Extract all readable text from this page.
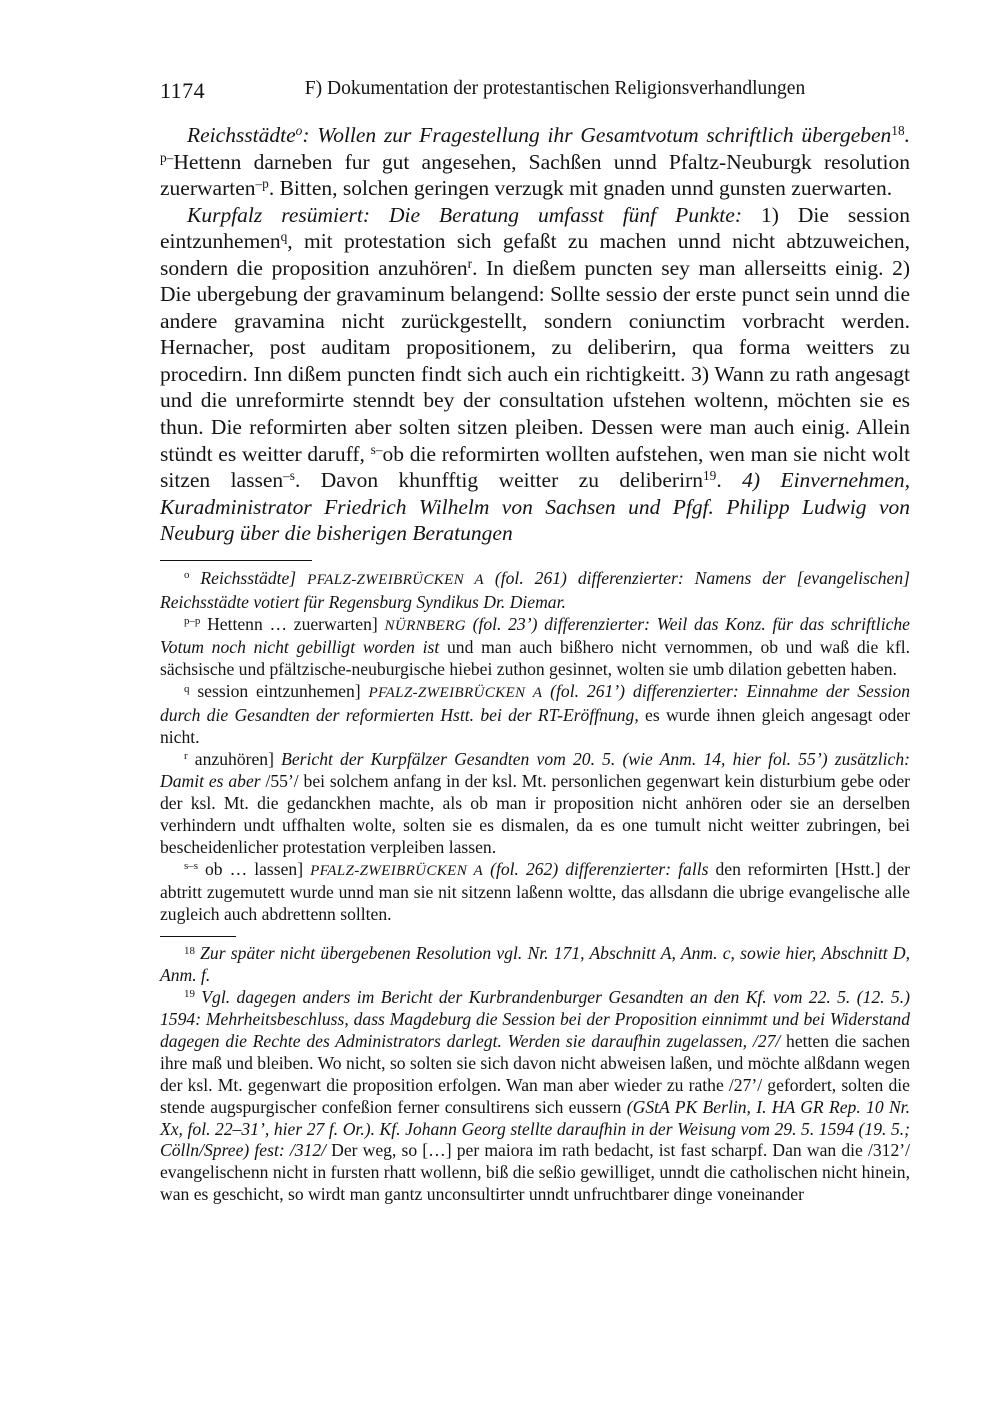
1174	F) Dokumentation der protestantischen Religionsverhandlungen

Reichsstädte$^o$: Wollen zur Fragestellung ihr Gesamtvotum schriftlich übergeben$^{18}$. $^{p-}$Hettenn darneben fur gut angesehen, Sachßen unnd Pfaltz-Neuburgk resolution zuerwarten$^{-p}$. Bitten, solchen geringen verzugk mit gnaden unnd gunsten zuerwarten.

Kurpfalz resümiert: Die Beratung umfasst fünf Punkte: 1) Die session eintzunhemen$^q$, mit protestation sich gefaßt zu machen unnd nicht abtzuweichen, sondern die proposition anzuhören$^r$. In dießem puncten sey man allerseitts einig. 2) Die ubergebung der gravaminum belangend: Sollte sessio der erste punct sein unnd die andere gravamina nicht zurückgestellt, sondern coniunctim vorbracht werden. Hernacher, post auditam propositionem, zu deliberirn, qua forma weitters zu procedirn. Inn dißem puncten findt sich auch ein richtigkeitt. 3) Wann zu rath angesagt und die unreformirte stenndt bey der consultation ufstehen woltenn, möchten sie es thun. Die reformirten aber solten sitzen pleiben. Dessen were man auch einig. Allein stündt es weitter daruff, $^{s-}$ob die reformirten wollten aufstehen, wen man sie nicht wolt sitzen lassen$^{-s}$. Davon khunfftig weitter zu deliberirn$^{19}$. 4) Einvernehmen, Kuradministrator Friedrich Wilhelm von Sachsen und Pfgf. Philipp Ludwig von Neuburg über die bisherigen Beratungen

$^o$ Reichsstädte] PFALZ-ZWEIBRÜCKEN A (fol. 261) differenzierter: Namens der [evangelischen] Reichsstädte votiert für Regensburg Syndikus Dr. Diemar.

$^{p-p}$ Hettenn … zuerwarten] NÜRNBERG (fol. 23’) differenzierter: Weil das Konz. für das schriftliche Votum noch nicht gebilligt worden ist und man auch bißhero nicht vernommen, ob und waß die kfl. sächsische und pfältzische-neuburgische hiebei zuthon gesinnet, wolten sie umb dilation gebetten haben.

$^q$ session eintzunhemen] PFALZ-ZWEIBRÜCKEN A (fol. 261’) differenzierter: Einnahme der Session durch die Gesandten der reformierten Hstt. bei der RT-Eröffnung, es wurde ihnen gleich angesagt oder nicht.

$^r$ anzuhören] Bericht der Kurpfälzer Gesandten vom 20. 5. (wie Anm. 14, hier fol. 55’) zusätzlich: Damit es aber /55’/ bei solchem anfang in der ksl. Mt. personlichen gegenwart kein disturbium gebe oder der ksl. Mt. die gedanckhen machte, als ob man ir proposition nicht anhören oder sie an derselben verhindern undt uffhalten wolte, solten sie es dismalen, da es one tumult nicht weitter zubringen, bei bescheidenlicher protestation verpleiben lassen.

$^{s-s}$ ob … lassen] PFALZ-ZWEIBRÜCKEN A (fol. 262) differenzierter: falls den reformirten [Hstt.] der abtritt zugemutett wurde unnd man sie nit sitzenn laßenn woltte, das allsdann die ubrige evangelische alle zugleich auch abdrettenn sollten.

$^{18}$ Zur später nicht übergebenen Resolution vgl. Nr. 171, Abschnitt A, Anm. c, sowie hier, Abschnitt D, Anm. f.

$^{19}$ Vgl. dagegen anders im Bericht der Kurbrandenburger Gesandten an den Kf. vom 22. 5. (12. 5.) 1594: Mehrheitsbeschluss, dass Magdeburg die Session bei der Proposition einnimmt und bei Widerstand dagegen die Rechte des Administrators darlegt. Werden sie daraufhin zugelassen, /27/ hetten die sachen ihre maß und bleiben. Wo nicht, so solten sie sich davon nicht abweisen laßen, und möchte alßdann wegen der ksl. Mt. gegenwart die proposition erfolgen. Wan man aber wieder zu rathe /27’/ gefordert, solten die stende augspurgischer confeßion ferner consultirens sich eussern (GStA PK Berlin, I. HA GR Rep. 10 Nr. Xx, fol. 22–31’, hier 27 f. Or.). Kf. Johann Georg stellte daraufhin in der Weisung vom 29. 5. 1594 (19. 5.; Cölln/Spree) fest: /312/ Der weg, so […] per maiora im rath bedacht, ist fast scharpf. Dan wan die /312’/ evangelischenn nicht in fursten rhatt wollenn, biß die seßio gewilliget, unndt die catholischen nicht hinein, wan es geschicht, so wirdt man gantz unconsultirter unndt unfruchtbarer dinge voneinander
